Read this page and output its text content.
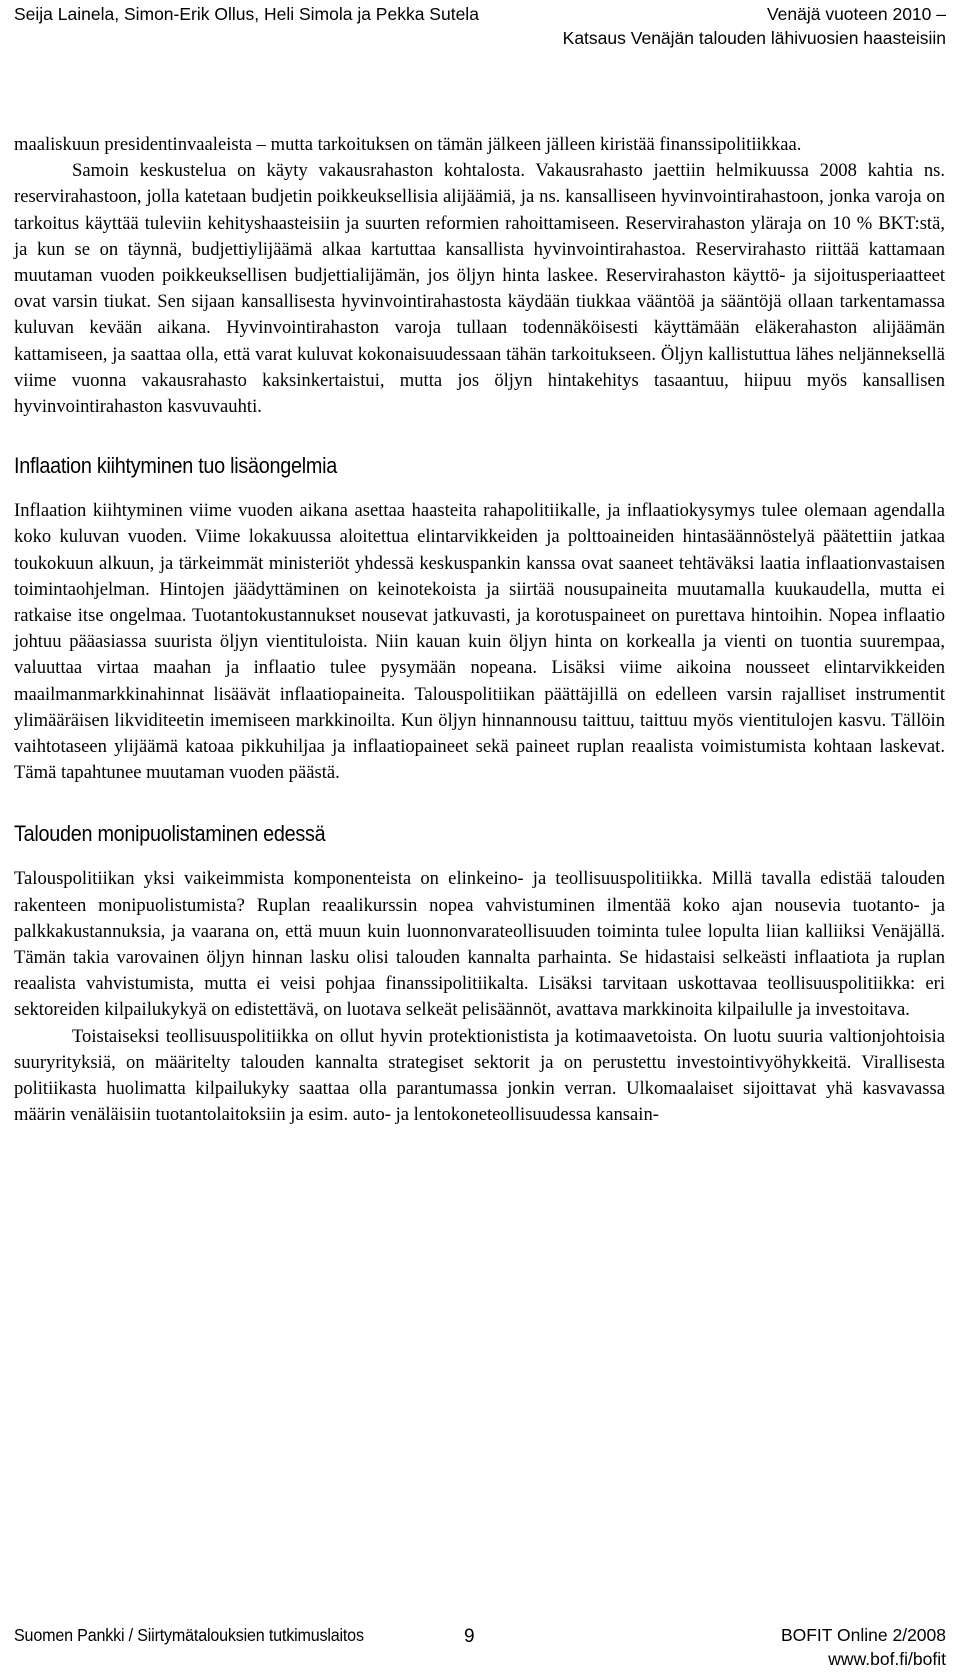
Seija Lainela, Simon-Erik Ollus, Heli Simola ja Pekka Sutela	Venäjä vuoteen 2010 –
Katsaus Venäjän talouden lähivuosien haasteisiin

maaliskuun presidentinvaaleista – mutta tarkoituksen on tämän jälkeen jälleen kiristää finanssipolitiikkaa.

Samoin keskustelua on käyty vakausrahaston kohtalosta. Vakausrahasto jaettiin helmikuussa 2008 kahtia ns. reservirahastoon, jolla katetaan budjetin poikkeuksellisia alijäämiä, ja ns. kansalliseen hyvinvointirahastoon, jonka varoja on tarkoitus käyttää tuleviin kehityshaasteisiin ja suurten reformien rahoittamiseen. Reservirahaston yläraja on 10 % BKT:stä, ja kun se on täynnä, budjettiylijäämä alkaa kartuttaa kansallista hyvinvointirahastoa. Reservirahasto riittää kattamaan muutaman vuoden poikkeuksellisen budjettialijämän, jos öljyn hinta laskee. Reservirahaston käyttö- ja sijoitusperiaatteet ovat varsin tiukat. Sen sijaan kansallisesta hyvinvointirahastosta käydään tiukkaa vääntöä ja sääntöjä ollaan tarkentamassa kuluvan kevään aikana. Hyvinvointirahaston varoja tullaan todennäköisesti käyttämään eläkerahaston alijäämän kattamiseen, ja saattaa olla, että varat kuluvat kokonaisuudessaan tähän tarkoitukseen. Öljyn kallistuttua lähes neljänneksellä viime vuonna vakausrahasto kaksinkertaistui, mutta jos öljyn hintakehitys tasaantuu, hiipuu myös kansallisen hyvinvointirahaston kasvuvauhti.

Inflaation kiihtyminen tuo lisäongelmia

Inflaation kiihtyminen viime vuoden aikana asettaa haasteita rahapolitiikalle, ja inflaatiokysymys tulee olemaan agendalla koko kuluvan vuoden. Viime lokakuussa aloitettua elintarvikkeiden ja polttoaineiden hintasäännöstelyä päätettiin jatkaa toukokuun alkuun, ja tärkeimmät ministeriöt yhdessä keskuspankin kanssa ovat saaneet tehtäväksi laatia inflaationvastaisen toimintaohjelman. Hintojen jäädyttäminen on keinotekoista ja siirtää nousupaineita muutamalla kuukaudella, mutta ei ratkaise itse ongelmaa. Tuotantokustannukset nousevat jatkuvasti, ja korotuspaineet on purettava hintoihin. Nopea inflaatio johtuu pääasiassa suurista öljyn vientituloista. Niin kauan kuin öljyn hinta on korkealla ja vienti on tuontia suurempaa, valuuttaa virtaa maahan ja inflaatio tulee pysymään nopeana. Lisäksi viime aikoina nousseet elintarvikkeiden maailmanmarkkinahinnat lisäävät inflaatiopaineita. Talouspolitiikan päättäjillä on edelleen varsin rajalliset instrumentit ylimääräisen likviditeetin imemiseen markkinoilta. Kun öljyn hinnannousu taittuu, taittuu myös vientitulojen kasvu. Tällöin vaihtotaseen ylijäämä katoaa pikkuhiljaa ja inflaatiopaineet sekä paineet ruplan reaalista voimistumista kohtaan laskevat. Tämä tapahtunee muutaman vuoden päästä.

Talouden monipuolistaminen edessä

Talouspolitiikan yksi vaikeimmista komponenteista on elinkeino- ja teollisuuspolitiikka. Millä tavalla edistää talouden rakenteen monipuolistumista? Ruplan reaalikurssin nopea vahvistuminen ilmentää koko ajan nousevia tuotanto- ja palkkakustannuksia, ja vaarana on, että muun kuin luonnonvarateollisuuden toiminta tulee lopulta liian kalliiksi Venäjällä. Tämän takia varovainen öljyn hinnan lasku olisi talouden kannalta parhainta. Se hidastaisi selkeästi inflaatiota ja ruplan reaalista vahvistumista, mutta ei veisi pohjaa finanssipolitiikalta. Lisäksi tarvitaan uskottavaa teollisuuspolitiikka: eri sektoreiden kilpailukykyä on edistettävä, on luotava selkeät pelisäännöt, avattava markkinoita kilpailulle ja investoitava.

Toistaiseksi teollisuuspolitiikka on ollut hyvin protektionistista ja kotimaavetoista. On luotu suuria valtionjohtoisia suuryrityksiä, on määritelty talouden kannalta strategiset sektorit ja on perustettu investointivyöhykkeitä. Virallisesta politiikasta huolimatta kilpailukyky saattaa olla parantumassa jonkin verran. Ulkomaalaiset sijoittavat yhä kasvavassa määrin venäläisiin tuotantolaitoksiin ja esim. auto- ja lentokoneteollisuudessa kansain-

Suomen Pankki / Siirtymätalouksien tutkimuslaitos	9	BOFIT Online 2/2008
www.bof.fi/bofit
